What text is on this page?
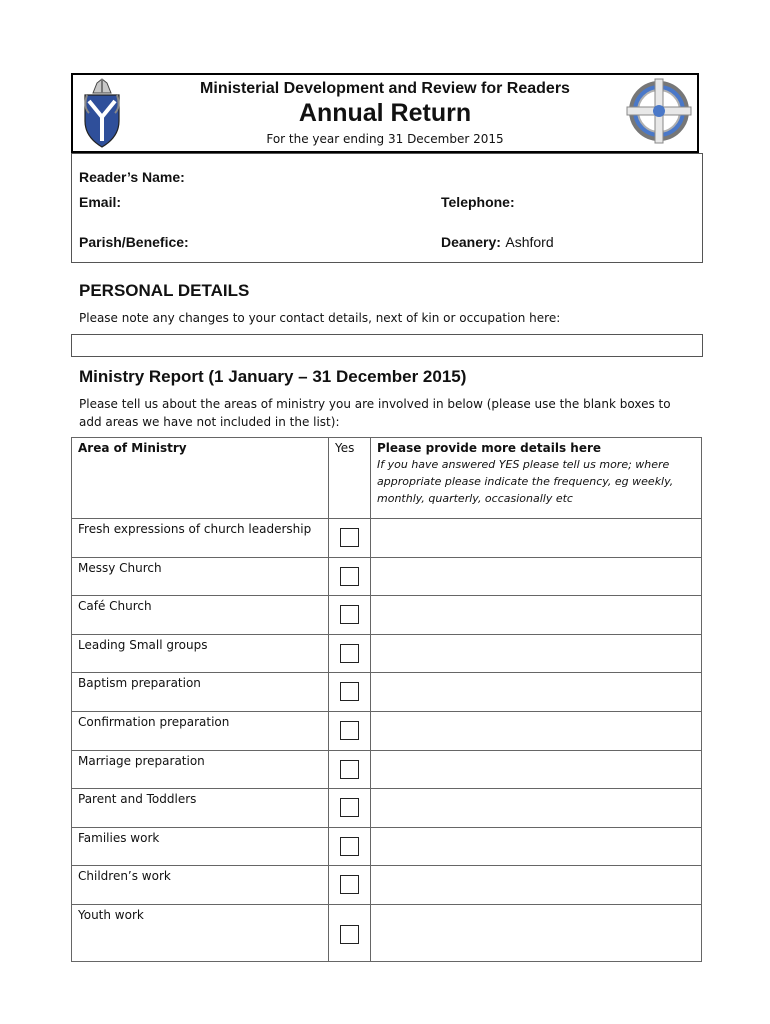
Ministerial Development and Review for Readers
Annual Return
For the year ending 31 December 2015
Reader’s Name:
Email:	Telephone:
Parish/Benefice:	Deanery: Ashford
PERSONAL DETAILS
Please note any changes to your contact details, next of kin or occupation here:
Ministry Report (1 January – 31 December 2015)
Please tell us about the areas of ministry you are involved in below (please use the blank boxes to
add areas we have not included in the list):
Area of Ministry	Yes	Please provide more details here
If you have answered YES please tell us more; where
appropriate please indicate the frequency, eg weekly,
monthly, quarterly, occasionally etc

Fresh expressions of church leadership		
Messy Church		
Café Church		
Leading Small groups		
Baptism preparation		
Confirmation preparation		
Marriage preparation		
Parent and Toddlers		
Families work		
Children’s work		
Youth work		
